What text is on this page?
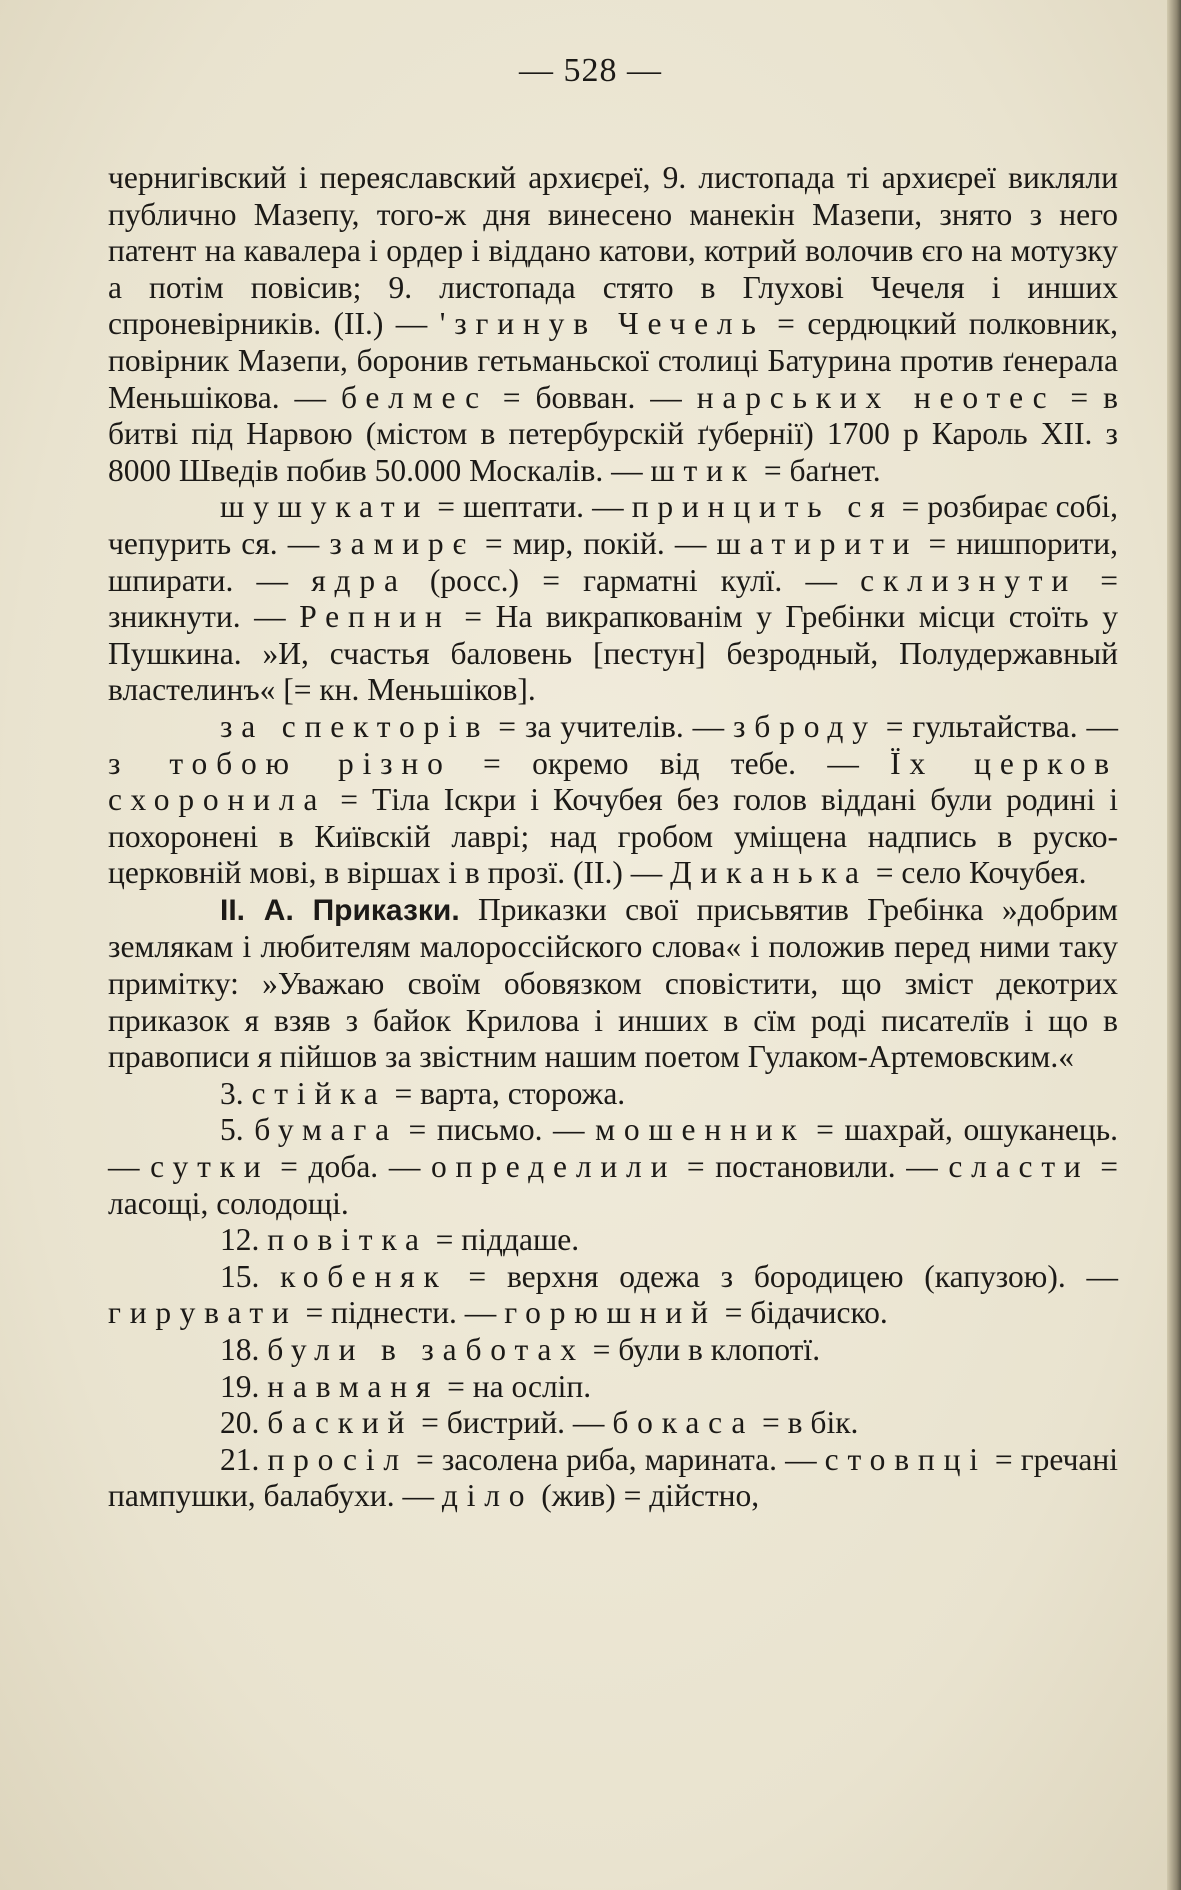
— 528 —

чернигівский і переяславский архиєреї, 9. листопада ті архиєреї викляли публично Мазепу, того-ж дня винесено манекін Мазепи, знято з него патент на кавалера і ордер і віддано катови, котрий волочив єго на мотузку а потім повісив; 9. листопада стято в Глухові Чечеля і инших спроневірників. (II.) — 'згинув Чечель = сердюцкий полковник, повірник Мазепи, боронив гетьманьскої столиці Батурина против ґенерала Меньшікова. — белмес = бовван. — нарських неотес = в битві під Нарвою (містом в петербурскій ґубернії) 1700 р Кароль XII. з 8000 Шведів побив 50.000 Москалів. — штик = баґнет.

шушукати = шептати. — принцить ся = розбирає собі, чепурить ся. — замирє = мир, покій. — шатирити = нишпорити, шпирати. — ядра (росс.) = гарматні кулї. — склизнути = зникнути. — Репнин = На викрапкованім у Гребінки місци стоїть у Пушкина. »И, счастья баловень [пестун] безродный, Полудержавный властелинъ« [= кн. Меньшіков].

за спекторів = за учителів. — зброду = гультайства. — з тобою різно = окремо від тебе. — Їх церков схоронила = Тіла Іскри і Кочубея без голов віддані були родині і похоронені в Київскій лаврі; над гробом уміщена надпись в руско-церковній мові, в віршах і в прозї. (II.) — Диканька = село Кочубея.

II. А. Приказки. Приказки свої присьвятив Гребінка »добрим землякам і любителям малороссійского слова« і положив перед ними таку примітку: »Уважаю своїм обовязком сповістити, що зміст декотрих приказок я взяв з байок Крилова і инших в сїм роді писателїв і що в правописи я пійшов за звістним нашим поетом Гулаком-Артемовским.«

3. стійка = варта, сторожа.

5. бумага = письмо. — мошенник = шахрай, ошуканець. — сутки = доба. — определили = постановили. — сласти = ласощі, солодощі.

12. повітка = піддаше.

15. кобеняк = верхня одежа з бородицею (капузою). — гирувати = піднести. — горюшний = бідачиско.

18. були в заботах = були в клопотї.

19. навманя = на осліп.

20. баский = бистрий. — бокаса = в бік.

21. просіл = засолена риба, марината. — стовпці = гречані пампушки, балабухи. — діло (жив) = дійстно,
